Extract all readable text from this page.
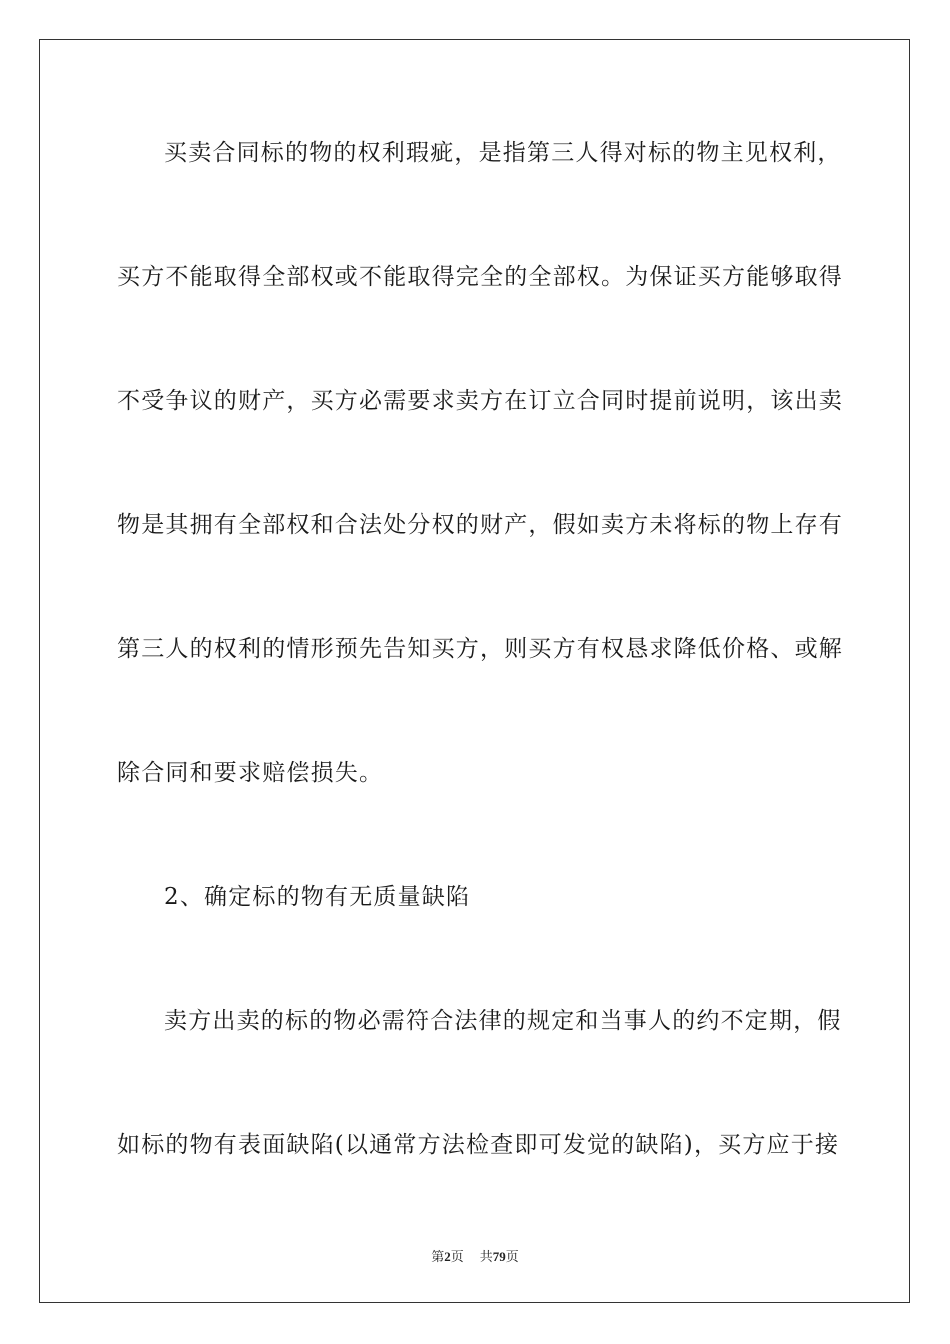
买卖合同标的物的权利瑕疵，是指第三人得对标的物主见权利，
买方不能取得全部权或不能取得完全的全部权。为保证买方能够取得
不受争议的财产，买方必需要求卖方在订立合同时提前说明，该出卖
物是其拥有全部权和合法处分权的财产，假如卖方未将标的物上存有
第三人的权利的情形预先告知买方，则买方有权恳求降低价格、或解
除合同和要求赔偿损失。
2、确定标的物有无质量缺陷
卖方出卖的标的物必需符合法律的规定和当事人的约不定期，假
如标的物有表面缺陷(以通常方法检查即可发觉的缺陷)，买方应于接
第2页 共79页
